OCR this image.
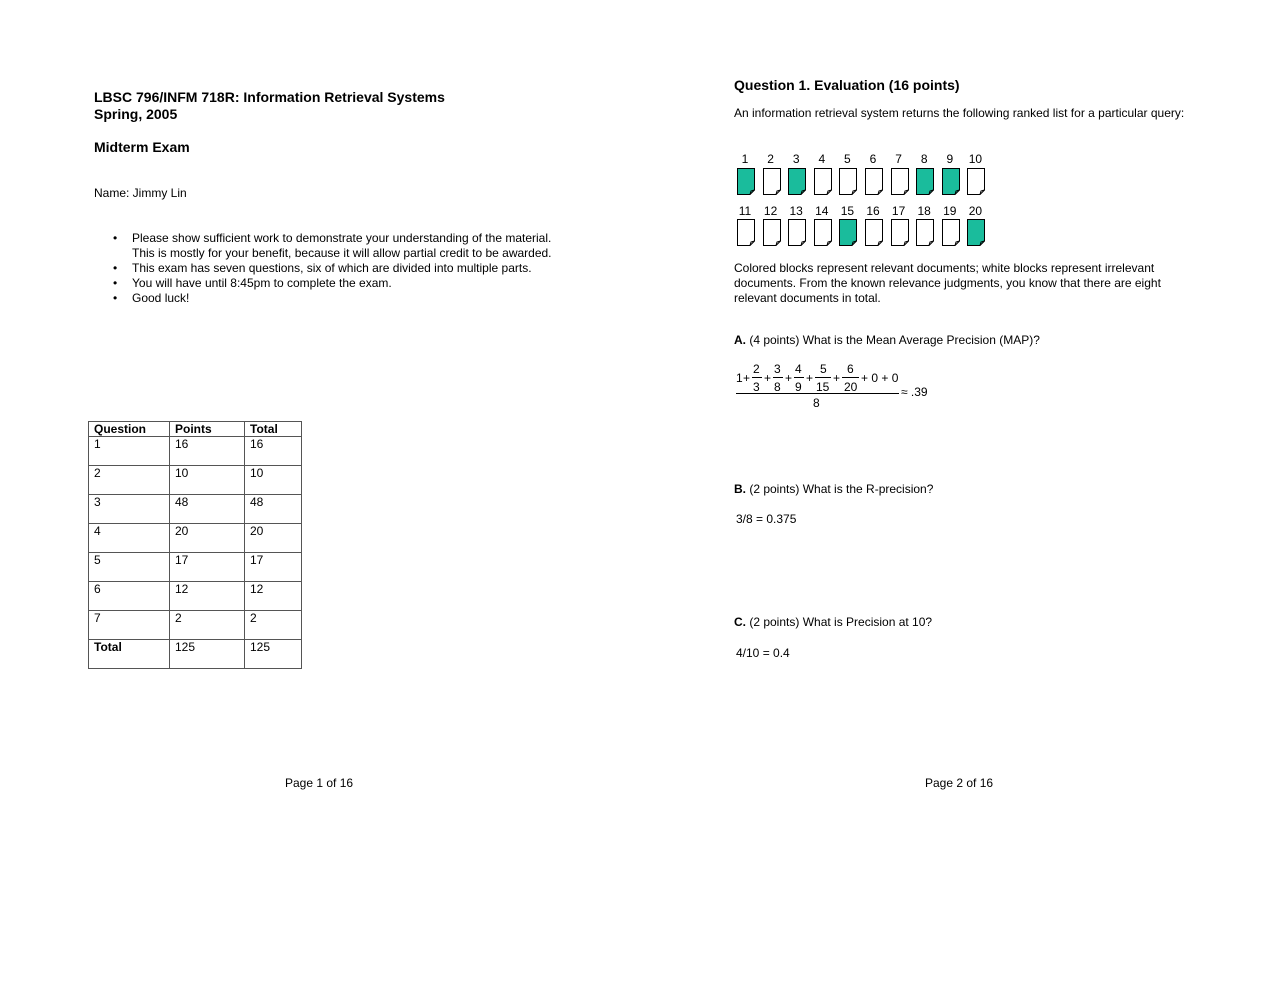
LBSC 796/INFM 718R: Information Retrieval Systems
Spring, 2005
Midterm Exam
Name: Jimmy Lin
• Please show sufficient work to demonstrate your understanding of the material. This is mostly for your benefit, because it will allow partial credit to be awarded.
• This exam has seven questions, six of which are divided into multiple parts.
• You will have until 8:45pm to complete the exam.
• Good luck!
Question	Points	Total
1	16	16
2	10	10
3	48	48
4	20	20
5	17	17
6	12	12
7	2	2
Total	125	125
Page 1 of 16
Question 1. Evaluation (16 points)
An information retrieval system returns the following ranked list for a particular query:
1	2	3	4	5	6	7	8	9	10
11	12	13	14	15	16	17	18	19	20
Colored blocks represent relevant documents; white blocks represent irrelevant documents. From the known relevance judgments, you know that there are eight relevant documents in total.
A. (4 points) What is the Mean Average Precision (MAP)?
1 +
2
3
+
3
8
+
4
9
+
5
15
+
6
20
+ 0 + 0
8
≈ .39
B. (2 points) What is the R-precision?
3/8 = 0.375
C. (2 points) What is Precision at 10?
4/10 = 0.4
Page 2 of 16
